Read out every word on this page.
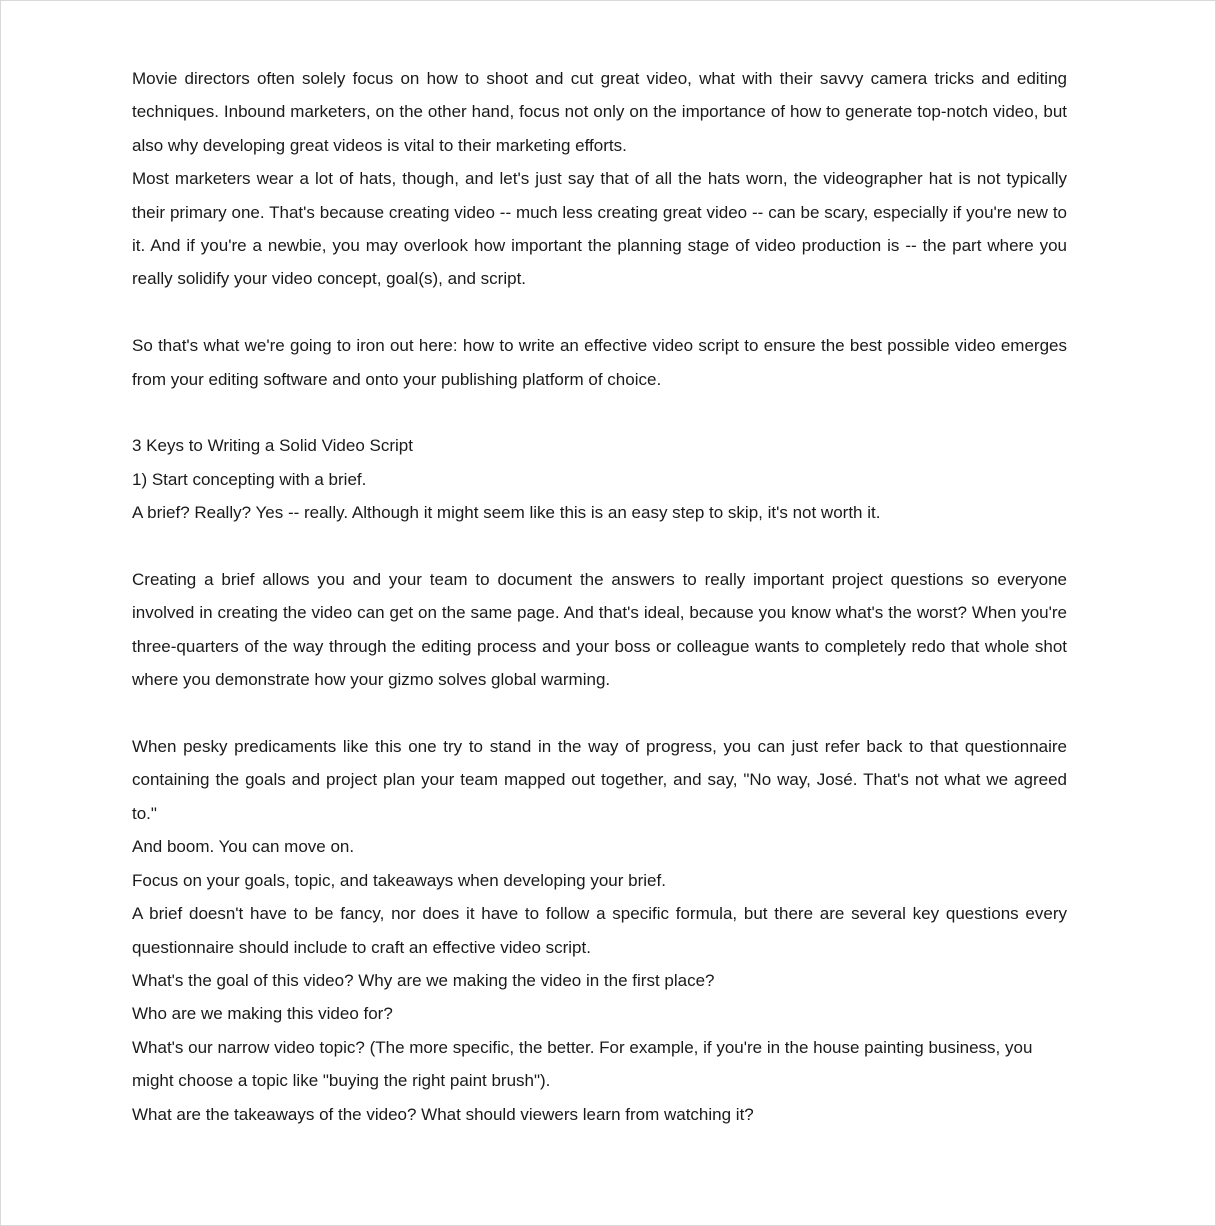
Movie directors often solely focus on how to shoot and cut great video, what with their savvy camera tricks and editing techniques. Inbound marketers, on the other hand, focus not only on the importance of how to generate top-notch video, but also why developing great videos is vital to their marketing efforts.

Most marketers wear a lot of hats, though, and let's just say that of all the hats worn, the videographer hat is not typically their primary one. That's because creating video -- much less creating great video -- can be scary, especially if you're new to it. And if you're a newbie, you may overlook how important the planning stage of video production is -- the part where you really solidify your video concept, goal(s), and script.

So that's what we're going to iron out here: how to write an effective video script to ensure the best possible video emerges from your editing software and onto your publishing platform of choice.

3 Keys to Writing a Solid Video Script

1) Start concepting with a brief.

A brief? Really? Yes -- really. Although it might seem like this is an easy step to skip, it's not worth it.

Creating a brief allows you and your team to document the answers to really important project questions so everyone involved in creating the video can get on the same page. And that's ideal, because you know what's the worst? When you're three-quarters of the way through the editing process and your boss or colleague wants to completely redo that whole shot where you demonstrate how your gizmo solves global warming.

When pesky predicaments like this one try to stand in the way of progress, you can just refer back to that questionnaire containing the goals and project plan your team mapped out together, and say, "No way, José. That's not what we agreed to."

And boom. You can move on.

Focus on your goals, topic, and takeaways when developing your brief.

A brief doesn't have to be fancy, nor does it have to follow a specific formula, but there are several key questions every questionnaire should include to craft an effective video script.

What's the goal of this video? Why are we making the video in the first place?

Who are we making this video for?

What's our narrow video topic? (The more specific, the better. For example, if you're in the house painting business, you might choose a topic like "buying the right paint brush").

What are the takeaways of the video? What should viewers learn from watching it?
